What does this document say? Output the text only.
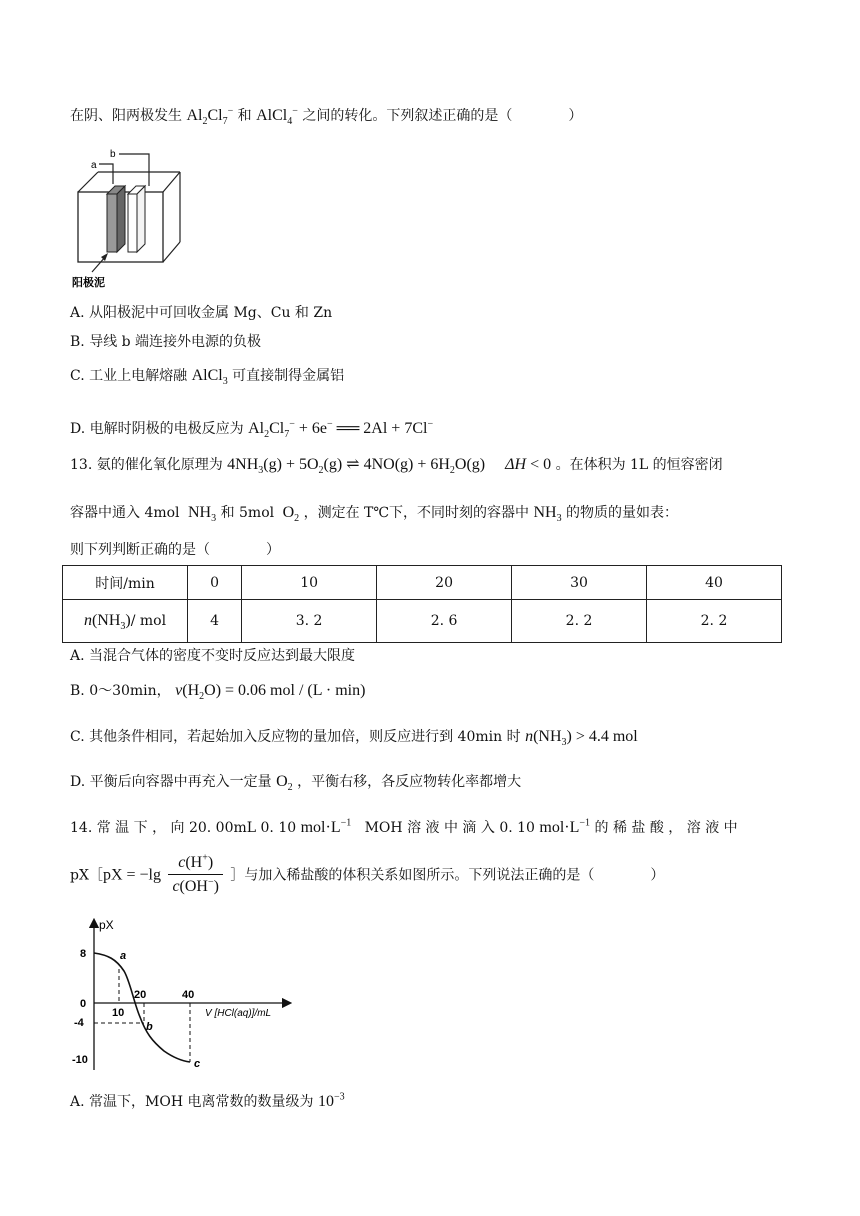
在阴、阳两极发生 $Al_2Cl_7^-$ 和 AlCl$_4$− 之间的转化。下列叙述正确的是（　　　　）
a
b
阳极泥
A. 从阳极泥中可回收金属 Mg、Cu 和 Zn
B. 导线 b 端连接外电源的负极
C. 工业上电解熔融 AlCl$_3$ 可直接制得金属铝
D. 电解时阴极的电极反应为 $Al_2Cl_7^- + 6e^-$ ══ 2Al + 7Cl−
13. 氨的催化氧化原理为 $4NH_3(g) + 5O_2(g)$ ⇌ $4NO(g) + 6H_2O(g)$     ΔH < 0 。在体积为 1L 的恒容密闭
容器中通入 4mol  $NH_3$ 和 5mol  $O_2$ ，测定在 T℃下，不同时刻的容器中 $NH_3$ 的物质的量如表：
则下列判断正确的是（　　　　）
时间/min	0	10	20	30	40
$n(NH_3)/$ mol	4	3. 2	2. 6	2. 2	2. 2
A. 当混合气体的密度不变时反应达到最大限度
B. 0～30min， $v(H_2O) = 0.06$ mol / (L · min)
C. 其他条件相同，若起始加入反应物的量加倍，则反应进行到 40min 时 $n(NH_3) > 4.4$ mol
D. 平衡后向容器中再充入一定量 $O_2$ ，平衡右移，各反应物转化率都增大
14. 常 温 下 ， 向 20. 00mL 0. 10 $mol\cdot L^{-1}$ MOH 溶 液 中 滴 入 0. 10 $mol\cdot L^{-1}$ 的 稀 盐 酸 ， 溶 液 中
pX［pX = $-\lg \frac{c(H^+)}{c(OH^-)}$ ］与加入稀盐酸的体积关系如图所示。下列说法正确的是（　　　　）
pX
V [HCl(aq)]/mL
8
0
-4
-10
10
20	40
a
b
c
A. 常温下，MOH 电离常数的数量级为 $10^{-3}$
